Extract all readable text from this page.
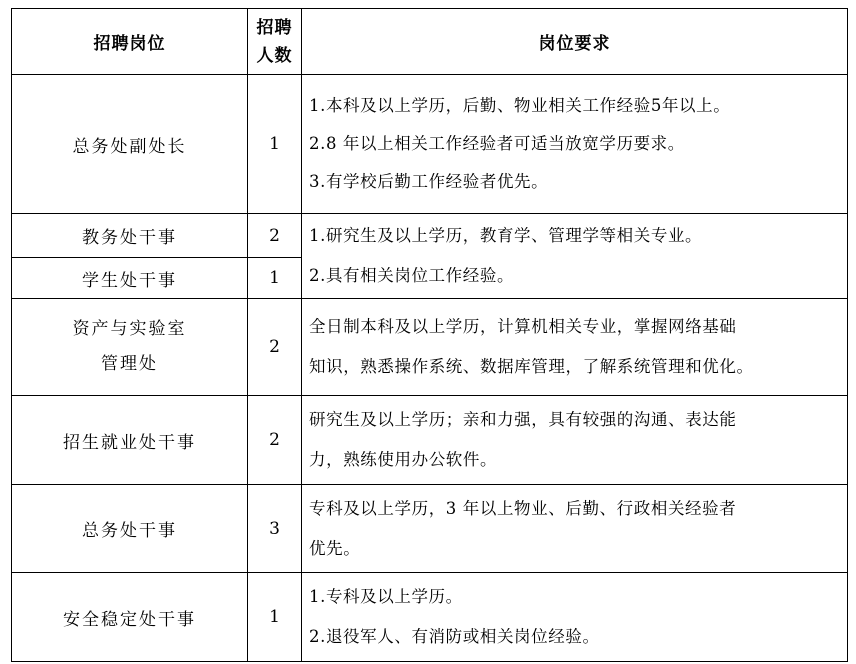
招聘岗位	招聘人数	岗位要求
总务处副处长	1	1.本科及以上学历，后勤、物业相关工作经验5年以上。
2.8 年以上相关工作经验者可适当放宽学历要求。
3.有学校后勤工作经验者优先。

教务处干事	2	1.研究生及以上学历，教育学、管理学等相关专业。
2.具有相关岗位工作经验。

学生处干事	1	

资产与实验室
管理处	2	全日制本科及以上学历，计算机相关专业，掌握网络基础
知识，熟悉操作系统、数据库管理，了解系统管理和优化。

招生就业处干事	2	研究生及以上学历；亲和力强，具有较强的沟通、表达能
力，熟练使用办公软件。

总务处干事	3	专科及以上学历，3 年以上物业、后勤、行政相关经验者
优先。

安全稳定处干事	1	1.专科及以上学历。
2.退役军人、有消防或相关岗位经验。
